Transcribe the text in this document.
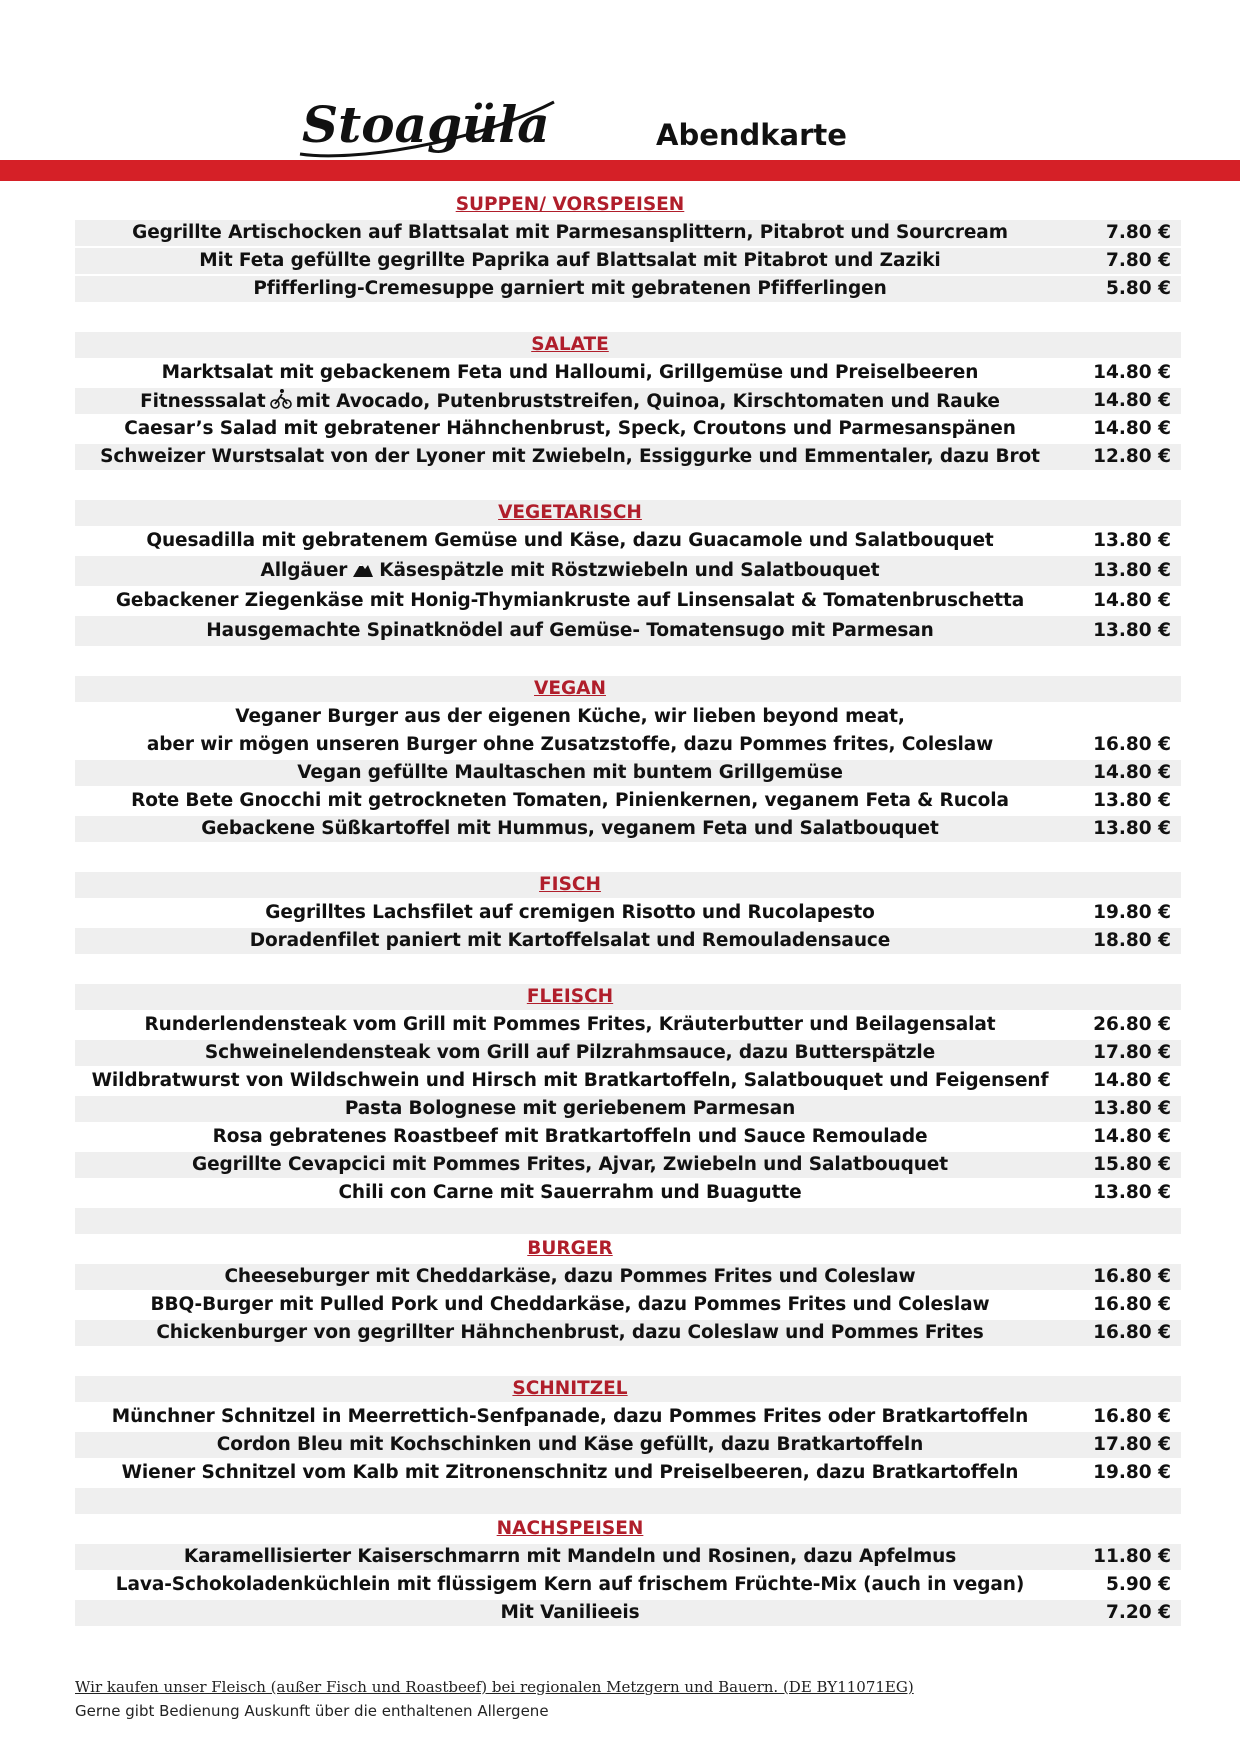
Stoagüla	Abendkarte
SUPPEN/ VORSPEISEN
Gegrillte Artischocken auf Blattsalat mit Parmesansplittern, Pitabrot und Sourcream	7.80 €
Mit Feta gefüllte gegrillte Paprika auf Blattsalat mit Pitabrot und Zaziki	7.80 €
Pfifferling-Cremesuppe garniert mit gebratenen Pfifferlingen	5.80 €
SALATE
Marktsalat mit gebackenem Feta und Halloumi, Grillgemüse und Preiselbeeren	14.80 €
Fitnesssalat mit Avocado, Putenbruststreifen, Quinoa, Kirschtomaten und Rauke	14.80 €
Caesar’s Salad mit gebratener Hähnchenbrust, Speck, Croutons und Parmesanspänen	14.80 €
Schweizer Wurstsalat von der Lyoner mit Zwiebeln, Essiggurke und Emmentaler, dazu Brot	12.80 €
VEGETARISCH
Quesadilla mit gebratenem Gemüse und Käse, dazu Guacamole und Salatbouquet	13.80 €
Allgäuer Käsespätzle mit Röstzwiebeln und Salatbouquet	13.80 €
Gebackener Ziegenkäse mit Honig-Thymiankruste auf Linsensalat & Tomatenbruschetta	14.80 €
Hausgemachte Spinatknödel auf Gemüse- Tomatensugo mit Parmesan	13.80 €
VEGAN
Veganer Burger aus der eigenen Küche, wir lieben beyond meat,
aber wir mögen unseren Burger ohne Zusatzstoffe, dazu Pommes frites, Coleslaw	16.80 €
Vegan gefüllte Maultaschen mit buntem Grillgemüse	14.80 €
Rote Bete Gnocchi mit getrockneten Tomaten, Pinienkernen, veganem Feta & Rucola	13.80 €
Gebackene Süßkartoffel mit Hummus, veganem Feta und Salatbouquet	13.80 €
FISCH
Gegrilltes Lachsfilet auf cremigen Risotto und Rucolapesto	19.80 €
Doradenfilet paniert mit Kartoffelsalat und Remouladensauce	18.80 €
FLEISCH
Runderlendensteak vom Grill mit Pommes Frites, Kräuterbutter und Beilagensalat	26.80 €
Schweinelendensteak vom Grill auf Pilzrahmsauce, dazu Butterspätzle	17.80 €
Wildbratwurst von Wildschwein und Hirsch mit Bratkartoffeln, Salatbouquet und Feigensenf	14.80 €
Pasta Bolognese mit geriebenem Parmesan	13.80 €
Rosa gebratenes Roastbeef mit Bratkartoffeln und Sauce Remoulade	14.80 €
Gegrillte Cevapcici mit Pommes Frites, Ajvar, Zwiebeln und Salatbouquet	15.80 €
Chili con Carne mit Sauerrahm und Buagutte	13.80 €
BURGER
Cheeseburger mit Cheddarkäse, dazu Pommes Frites und Coleslaw	16.80 €
BBQ-Burger mit Pulled Pork und Cheddarkäse, dazu Pommes Frites und Coleslaw	16.80 €
Chickenburger von gegrillter Hähnchenbrust, dazu Coleslaw und Pommes Frites	16.80 €
SCHNITZEL
Münchner Schnitzel in Meerrettich-Senfpanade, dazu Pommes Frites oder Bratkartoffeln	16.80 €
Cordon Bleu mit Kochschinken und Käse gefüllt, dazu Bratkartoffeln	17.80 €
Wiener Schnitzel vom Kalb mit Zitronenschnitz und Preiselbeeren, dazu Bratkartoffeln	19.80 €
NACHSPEISEN
Karamellisierter Kaiserschmarrn mit Mandeln und Rosinen, dazu Apfelmus	11.80 €
Lava-Schokoladenküchlein mit flüssigem Kern auf frischem Früchte-Mix (auch in vegan)	5.90 €
Mit Vanilieeis	7.20 €
Wir kaufen unser Fleisch (außer Fisch und Roastbeef) bei regionalen Metzgern und Bauern. (DE BY11071EG)
Gerne gibt Bedienung Auskunft über die enthaltenen Allergene
